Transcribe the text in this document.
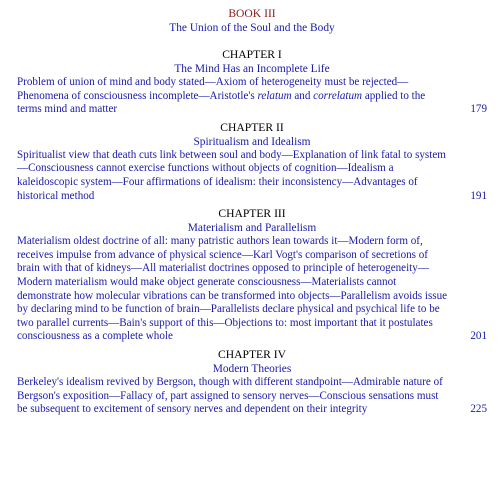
BOOK III
The Union of the Soul and the Body
CHAPTER I
The Mind Has an Incomplete Life
Problem of union of mind and body stated—Axiom of heterogeneity must be rejected—Phenomena of consciousness incomplete—Aristotle's relatum and correlatum applied to the terms mind and matter	179
CHAPTER II
Spiritualism and Idealism
Spiritualist view that death cuts link between soul and body—Explanation of link fatal to system—Consciousness cannot exercise functions without objects of cognition—Idealism a kaleidoscopic system—Four affirmations of idealism: their inconsistency—Advantages of historical method	191
CHAPTER III
Materialism and Parallelism
Materialism oldest doctrine of all: many patristic authors lean towards it—Modern form of, receives impulse from advance of physical science—Karl Vogt's comparison of secretions of brain with that of kidneys—All materialist doctrines opposed to principle of heterogeneity—Modern materialism would make object generate consciousness—Materialists cannot demonstrate how molecular vibrations can be transformed into objects—Parallelism avoids issue by declaring mind to be function of brain—Parallelists declare physical and psychical life to be two parallel currents—Bain's support of this—Objections to: most important that it postulates consciousness as a complete whole	201
CHAPTER IV
Modern Theories
Berkeley's idealism revived by Bergson, though with different standpoint—Admirable nature of Bergson's exposition—Fallacy of, part assigned to sensory nerves—Conscious sensations must be subsequent to excitement of sensory nerves and dependent on their integrity	225
